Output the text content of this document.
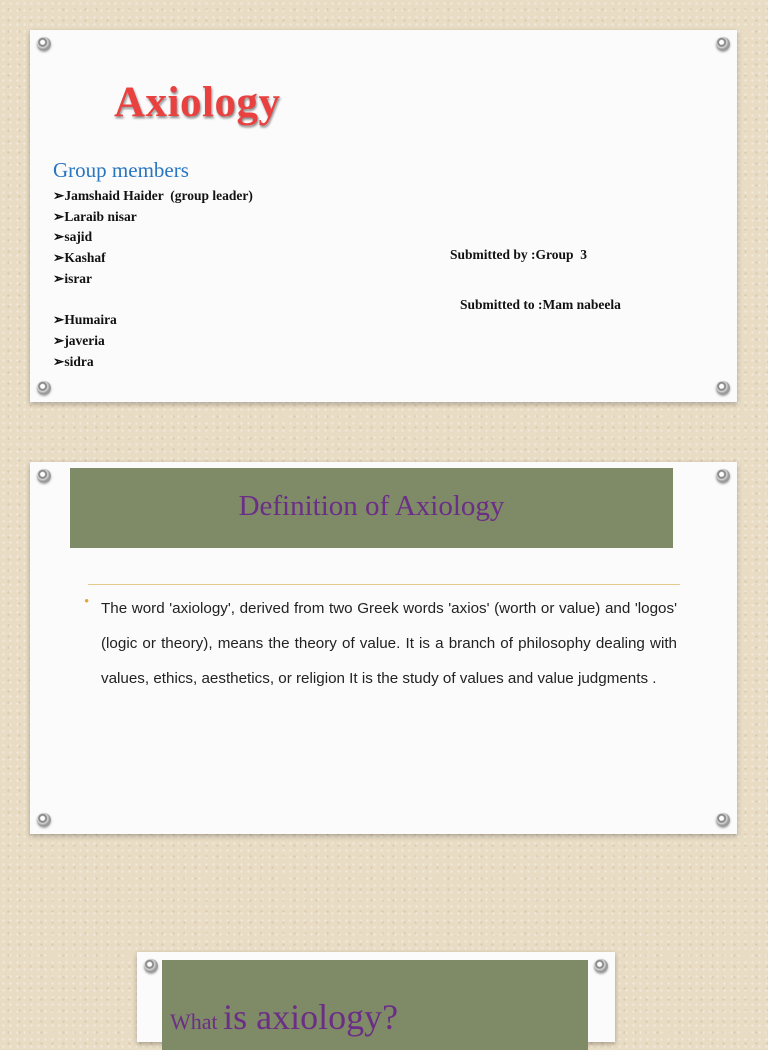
Axiology
Group members
➢Jamshaid Haider  (group leader)
➢Laraib nisar
➢sajid
➢Kashaf
➢israr
➢Humaira
➢javeria
➢sidra
Submitted by :Group  3
Submitted to :Mam nabeela
Definition of Axiology
• The word 'axiology', derived from two Greek words 'axios' (worth or value) and 'logos' (logic or theory), means the theory of value. It is a branch of philosophy dealing with values, ethics, aesthetics, or religion It is the study of values and value judgments .

What is axiology?
